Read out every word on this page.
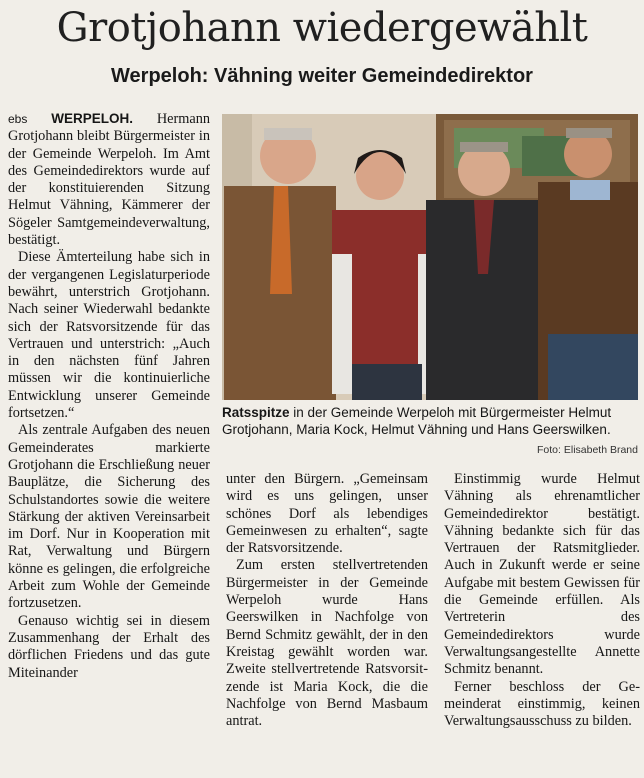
Grotjohann wiedergewählt
Werpeloh: Vähning weiter Gemeindedirektor

ebs WERPELOH. Hermann Grotjohann bleibt Bürgermeister in der Gemeinde Werpeloh. Im Amt des Gemeindedirektors wurde auf der konstituierenden Sitzung Helmut Vähning, Kämmerer der Sögeler Samtgemeindeverwaltung, bestätigt.

Diese Ämterteilung habe sich in der vergangenen Legislaturperiode bewährt, unterstrich Grotjohann. Nach seiner Wiederwahl bedankte sich der Ratsvorsitzende für das Vertrauen und unterstrich: „Auch in den nächsten fünf Jahren müssen wir die kontinuierliche Entwicklung unserer Gemeinde fortsetzen.“

Als zentrale Aufgaben des neuen Gemeinderates markierte Grotjohann die Erschließung neuer Bauplätze, die Sicherung des Schulstandortes sowie die weitere Stärkung der aktiven Vereinsarbeit im Dorf. Nur in Kooperation mit Rat, Verwaltung und Bürgern könne es gelingen, die erfolgreiche Arbeit zum Wohle der Gemeinde fortzusetzen.

Genauso wichtig sei in diesem Zusammenhang der Erhalt des dörflichen Friedens und das gute Miteinander

Ratsspitze in der Gemeinde Werpeloh mit Bürgermeister Helmut Grotjohann, Maria Kock, Helmut Vähning und Hans Geerswilken.
Foto: Elisabeth Brand

unter den Bürgern. „Gemeinsam wird es uns gelingen, unser schönes Dorf als lebendiges Gemeinwesen zu erhalten“, sagte der Ratsvorsitzende.

Zum ersten stellvertretenden Bürgermeister in der Gemeinde Werpeloh wurde Hans Geerswilken in Nachfolge von Bernd Schmitz gewählt, der in den Kreistag gewählt worden war. Zweite stellvertretende Ratsvorsitzende ist Maria Kock, die die Nachfolge von Bernd Masbaum antrat.

Einstimmig wurde Helmut Vähning als ehrenamtlicher Gemeindedirektor bestätigt. Vähning bedankte sich für das Vertrauen der Ratsmitglieder. Auch in Zukunft werde er seine Aufgabe mit bestem Gewissen für die Gemeinde erfüllen. Als Vertreterin des Gemeindedirektors wurde Verwaltungsangestellte Annette Schmitz benannt.

Ferner beschloss der Gemeinderat einstimmig, keinen Verwaltungsausschuss zu bilden.
